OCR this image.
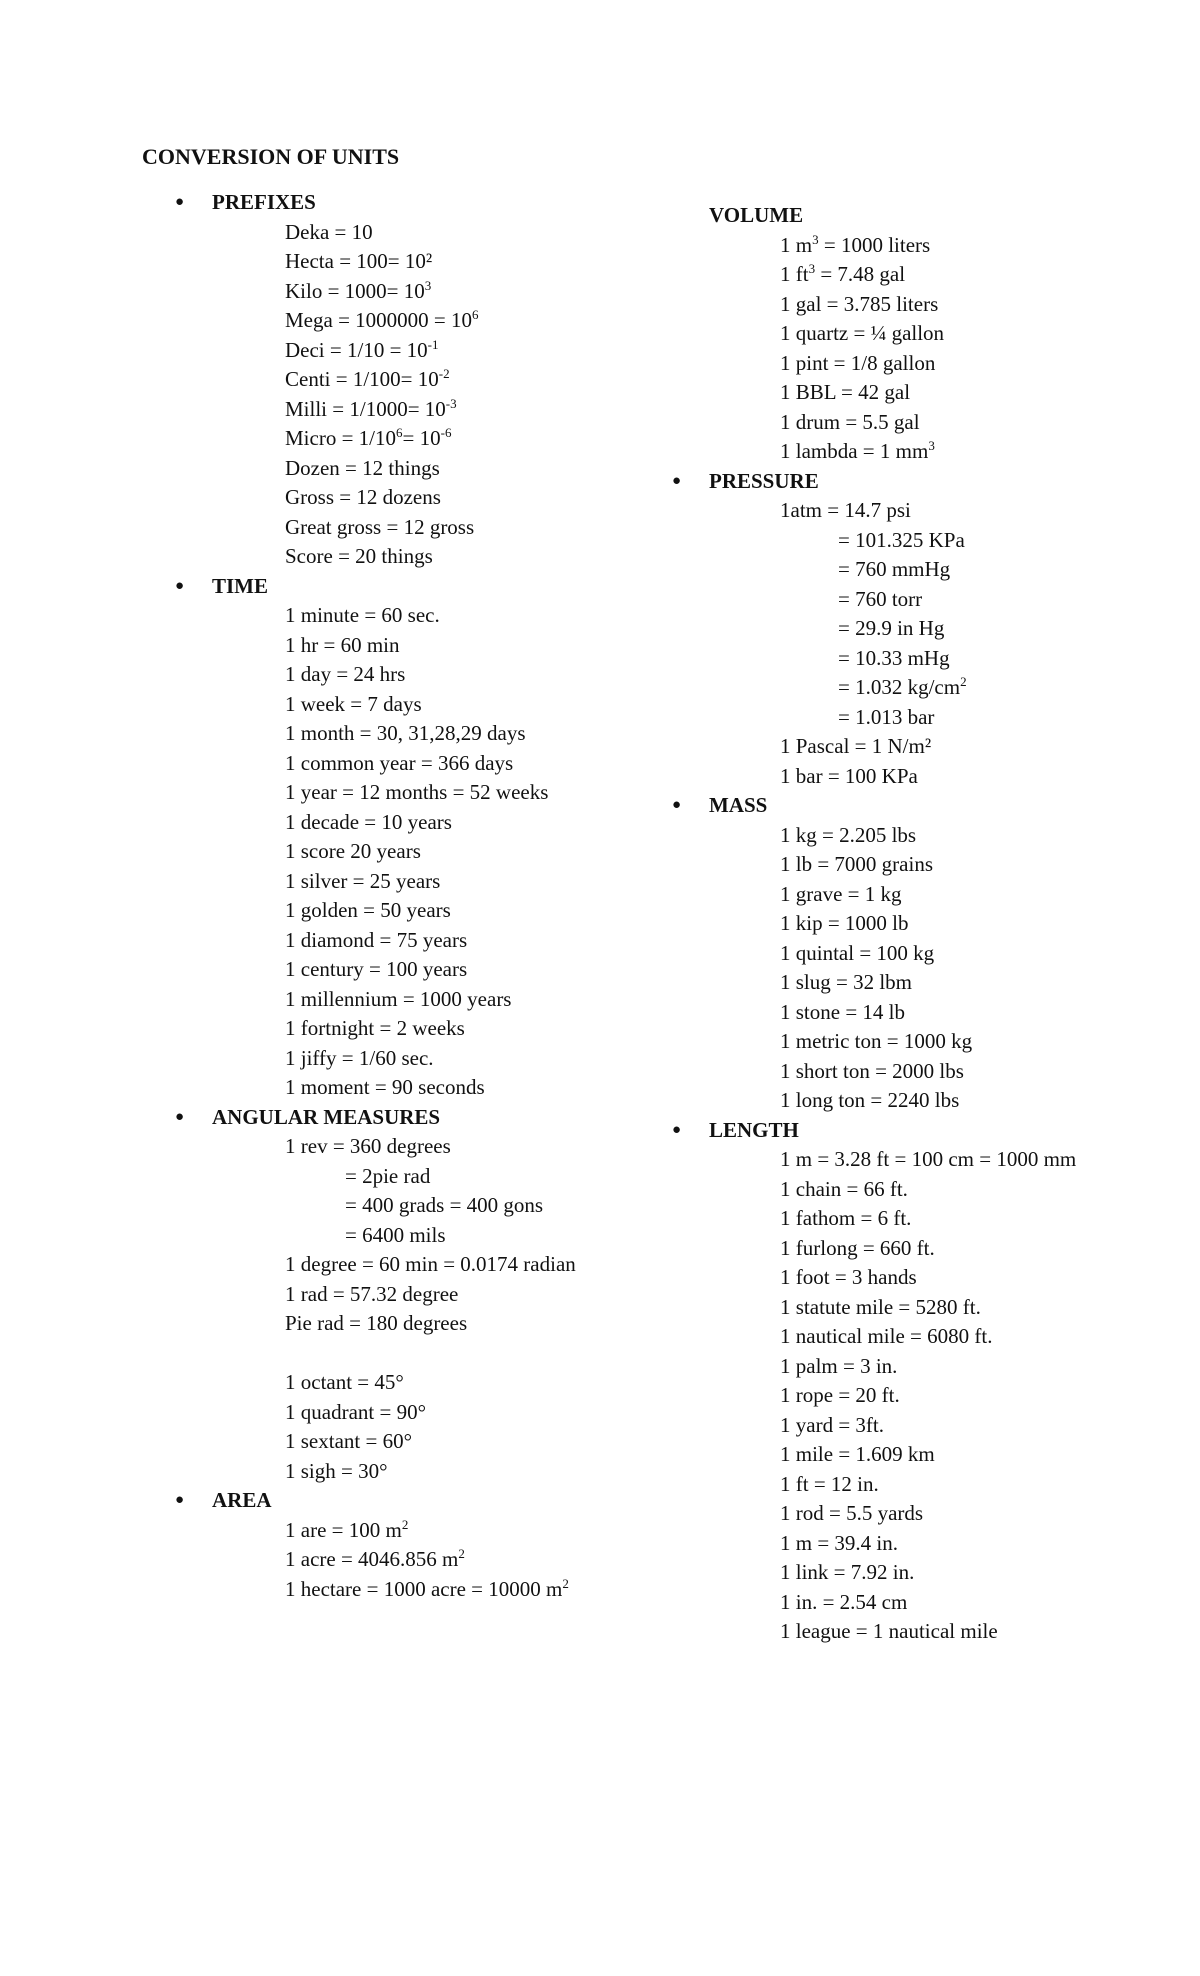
CONVERSION OF UNITS
● PREFIXES
Deka = 10
Hecta = 100= 10²
Kilo = $1000= 10^3$
Mega = $1000000 = 10^6$
Deci = $1/10 = 10^{-1}$
Centi = $1/100= 10^{-2}$
Milli = $1/1000= 10^{-3}$
Micro = $1/10^6= 10^{-6}$
Dozen = 12 things
Gross = 12 dozens
Great gross = 12 gross
Score = 20 things
● TIME
1 minute = 60 sec.
1 hr = 60 min
1 day = 24 hrs
1 week = 7 days
1 month = 30, 31,28,29 days
1 common year = 366 days
1 year = 12 months = 52 weeks
1 decade = 10 years
1 score 20 years
1 silver = 25 years
1 golden = 50 years
1 diamond = 75 years
1 century = 100 years
1 millennium = 1000 years
1 fortnight = 2 weeks
1 jiffy = 1/60 sec.
1 moment = 90 seconds
● ANGULAR MEASURES
1 rev = 360 degrees
= 2pie rad
= 400 grads = 400 gons
= 6400 mils
1 degree = 60 min = 0.0174 radian
1 rad = 57.32 degree
Pie rad = 180 degrees
1 octant = 45°
1 quadrant = 90°
1 sextant = 60°
1 sigh = 30°
● AREA
1 are = 100 $m^2$
1 acre = 4046.856 $m^2$
1 hectare = 1000 acre = 10000 $m^2$
VOLUME
1 $m^3 = 1000$ liters
1 $ft^3 = 7.48$ gal
1 gal = 3.785 liters
1 quartz = ¼ gallon
1 pint = 1/8 gallon
1 BBL = 42 gal
1 drum = 5.5 gal
1 lambda = 1 $mm^3$
● PRESSURE
1atm = 14.7 psi
= 101.325 KPa
= 760 mmHg
= 760 torr
= 29.9 in Hg
= 10.33 mHg
= 1.032 $kg/cm^2$
= 1.013 bar
1 Pascal = 1 N/m²
1 bar = 100 KPa
● MASS
1 kg = 2.205 lbs
1 lb = 7000 grains
1 grave = 1 kg
1 kip = 1000 lb
1 quintal = 100 kg
1 slug = 32 lbm
1 stone = 14 lb
1 metric ton = 1000 kg
1 short ton = 2000 lbs
1 long ton = 2240 lbs
● LENGTH
1 m = 3.28 ft = 100 cm = 1000 mm
1 chain = 66 ft.
1 fathom = 6 ft.
1 furlong = 660 ft.
1 foot = 3 hands
1 statute mile = 5280 ft.
1 nautical mile = 6080 ft.
1 palm = 3 in.
1 rope = 20 ft.
1 yard = 3ft.
1 mile = 1.609 km
1 ft = 12 in.
1 rod = 5.5 yards
1 m = 39.4 in.
1 link = 7.92 in.
1 in. = 2.54 cm
1 league = 1 nautical mile
